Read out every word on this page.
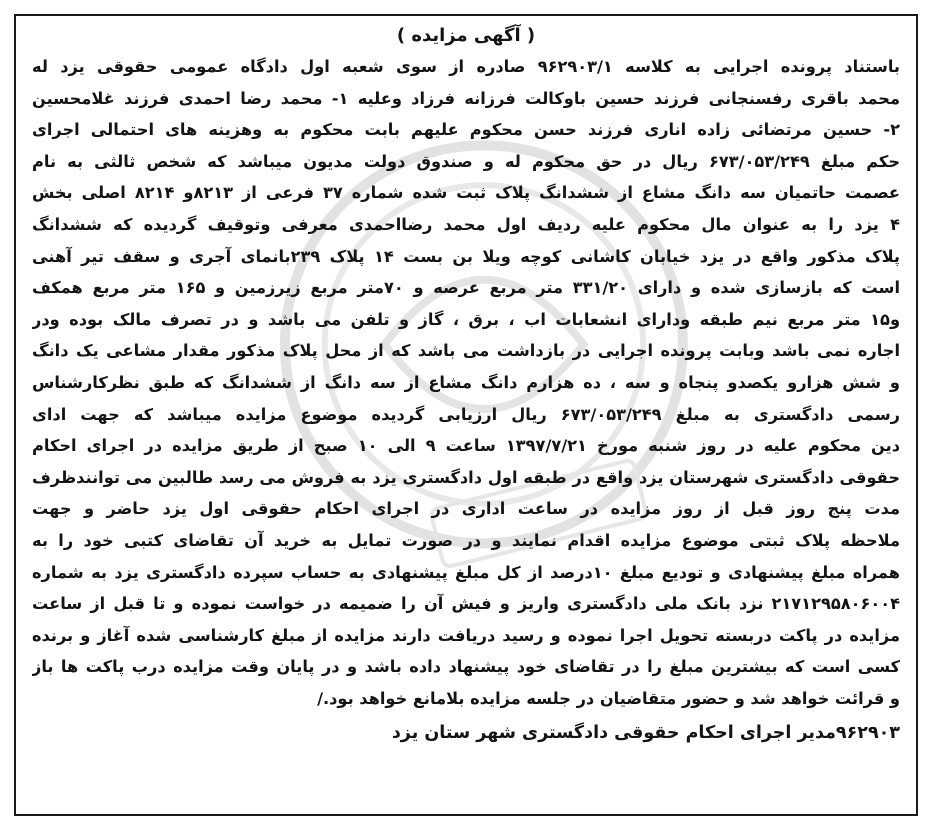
( آگهی مزایده )
باستناد پرونده اجرایی به کلاسه ۹۶۲۹۰۳/۱ صادره از سوی شعبه اول دادگاه عمومی حقوقی یزد له
محمد باقری رفسنجانی فرزند حسین باوکالت فرزانه فرزاد وعلیه ۱- محمد رضا احمدی فرزند غلامحسین
۲- حسین مرتضائی زاده اناری فرزند حسن محکوم علیهم بابت محکوم به وهزینه های احتمالی اجرای
حکم مبلغ ۶۷۳/۰۵۳/۲۴۹ ریال در حق محکوم له و صندوق دولت مدیون میباشد که شخص ثالثی به نام
عصمت حاتمیان سه دانگ مشاع از ششدانگ پلاک ثبت شده شماره ۳۷ فرعی از ۸۲۱۳و ۸۲۱۴ اصلی بخش
۴ یزد را به عنوان مال محکوم علیه ردیف اول محمد رضااحمدی معرفی وتوقیف گردیده که ششدانگ
پلاک مذکور واقع در یزد خیابان کاشانی کوچه ویلا بن بست ۱۴ پلاک ۲۳۹بانمای آجری و سقف تیر آهنی
است که بازسازی شده و دارای ۳۳۱/۲۰ متر مربع عرصه و ۷۰متر مربع زیرزمین و ۱۶۵ متر مربع همکف
و۱۵ متر مربع نیم طبقه ودارای انشعابات اب ، برق ، گاز و تلفن می باشد و در تصرف مالک بوده ودر
اجاره نمی باشد وبابت پرونده اجرایی در بازداشت می باشد که از محل پلاک مذکور مقدار مشاعی یک دانگ
و شش هزارو یکصدو پنجاه و سه ، ده هزارم دانگ مشاع از سه دانگ از ششدانگ که طبق نظرکارشناس
رسمی دادگستری به مبلغ ۶۷۳/۰۵۳/۲۴۹ ریال ارزیابی گردیده موضوع مزایده میباشد که جهت ادای
دین محکوم علیه در روز شنبه مورخ ۱۳۹۷/۷/۲۱ ساعت ۹ الی ۱۰ صبح از طریق مزایده در اجرای احکام
حقوقی دادگستری شهرستان یزد واقع در طبقه اول دادگستری یزد به فروش می رسد طالبین می توانندظرف
مدت پنج روز قبل از روز مزایده در ساعت اداری در اجرای احکام حقوقی اول یزد حاضر و جهت
ملاحظه پلاک ثبتی موضوع مزایده اقدام نمایند و در صورت تمایل به خرید آن تقاضای کتبی خود را به
همراه مبلغ پیشنهادی و تودیع مبلغ ۱۰درصد از کل مبلغ پیشنهادی به حساب سپرده دادگستری یزد به شماره
۲۱۷۱۲۹۵۸۰۶۰۰۴ نزد بانک ملی دادگستری واریز و فیش آن را ضمیمه در خواست نموده و تا قبل از ساعت
مزایده در پاکت دربسته تحویل اجرا نموده و رسید دریافت دارند مزایده از مبلغ کارشناسی شده آغاز و برنده
کسی است که بیشترین مبلغ را در تقاضای خود پیشنهاد داده باشد و در پایان وقت مزایده درب پاکت ها باز
و قرائت خواهد شد و حضور متقاضیان در جلسه مزایده بلامانع خواهد بود./
۹۶۲۹۰۳مدیر اجرای احکام حقوقی دادگستری شهر ستان یزد
